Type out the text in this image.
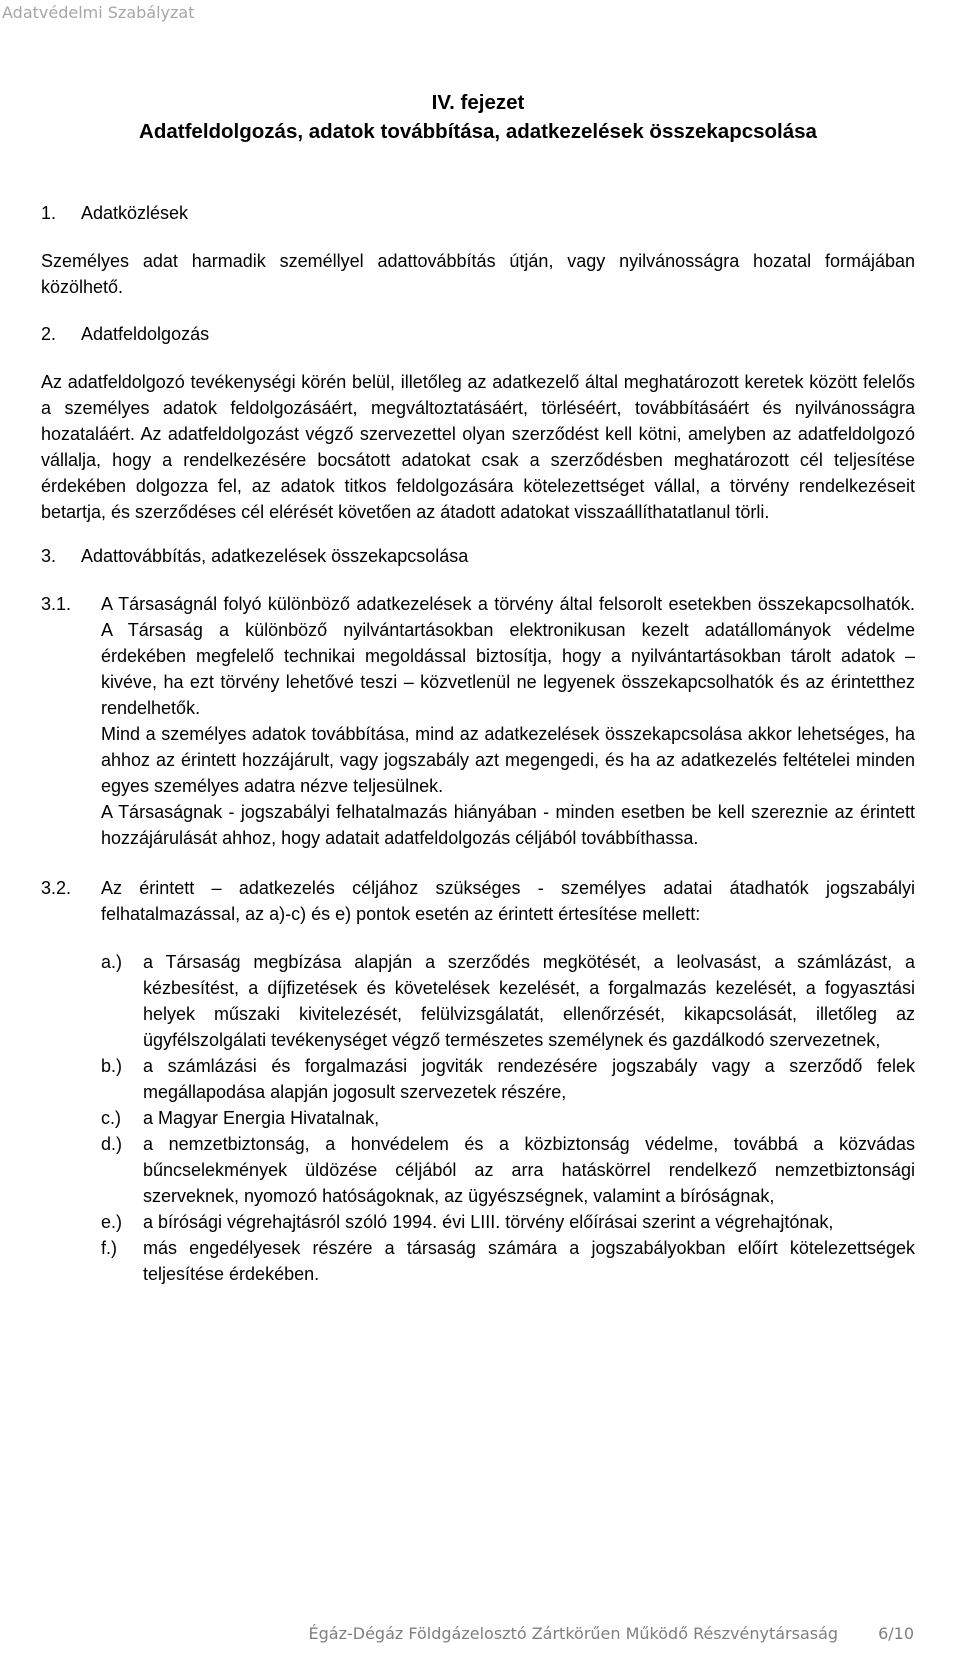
Adatvédelmi Szabályzat
IV. fejezet
Adatfeldolgozás, adatok továbbítása, adatkezelések összekapcsolása
1.	Adatközlések

Személyes adat harmadik személlyel adattovábbítás útján, vagy nyilvánosságra hozatal formájában közölhető.

2.	Adatfeldolgozás

Az adatfeldolgozó tevékenységi körén belül, illetőleg az adatkezelő által meghatározott keretek között felelős a személyes adatok feldolgozásáért, megváltoztatásáért, törléséért, továbbításáért és nyilvánosságra hozataláért. Az adatfeldolgozást végző szervezettel olyan szerződést kell kötni, amelyben az adatfeldolgozó vállalja, hogy a rendelkezésére bocsátott adatokat csak a szerződésben meghatározott cél teljesítése érdekében dolgozza fel, az adatok titkos feldolgozására kötelezettséget vállal, a törvény rendelkezéseit betartja, és szerződéses cél elérését követően az átadott adatokat visszaállíthatatlanul törli.

3.	Adattovábbítás, adatkezelések összekapcsolása
3.1.	A Társaságnál folyó különböző adatkezelések a törvény által felsorolt esetekben összekapcsolhatók. A Társaság a különböző nyilvántartásokban elektronikusan kezelt adatállományok védelme érdekében megfelelő technikai megoldással biztosítja, hogy a nyilvántartásokban tárolt adatok – kivéve, ha ezt törvény lehetővé teszi – közvetlenül ne legyenek összekapcsolhatók és az érintetthez rendelhetők.
Mind a személyes adatok továbbítása, mind az adatkezelések összekapcsolása akkor lehetséges, ha ahhoz az érintett hozzájárult, vagy jogszabály azt megengedi, és ha az adatkezelés feltételei minden egyes személyes adatra nézve teljesülnek.
A Társaságnak - jogszabályi felhatalmazás hiányában - minden esetben be kell szereznie az érintett hozzájárulását ahhoz, hogy adatait adatfeldolgozás céljából továbbíthassa.
3.2.	Az érintett – adatkezelés céljához szükséges - személyes adatai átadhatók jogszabályi felhatalmazással, az a)-c) és e) pontok esetén az érintett értesítése mellett:
a.)	a Társaság megbízása alapján a szerződés megkötését, a leolvasást, a számlázást, a kézbesítést, a díjfizetések és követelések kezelését, a forgalmazás kezelését, a fogyasztási helyek műszaki kivitelezését, felülvizsgálatát, ellenőrzését, kikapcsolását, illetőleg az ügyfélszolgálati tevékenységet végző természetes személynek és gazdálkodó szervezetnek,
b.)	a számlázási és forgalmazási jogviták rendezésére jogszabály vagy a szerződő felek megállapodása alapján jogosult szervezetek részére,
c.)	a Magyar Energia Hivatalnak,
d.)	a nemzetbiztonság, a honvédelem és a közbiztonság védelme, továbbá a közvádas bűncselekmények üldözése céljából az arra hatáskörrel rendelkező nemzetbiztonsági szerveknek, nyomozó hatóságoknak, az ügyészségnek, valamint a bíróságnak,
e.)	a bírósági végrehajtásról szóló 1994. évi LIII. törvény előírásai szerint a végrehajtónak,
f.)	más engedélyesek részére a társaság számára a jogszabályokban előírt kötelezettségek teljesítése érdekében.
Égáz-Dégáz Földgázelosztó Zártkörűen Működő Részvénytársaság	6/10
